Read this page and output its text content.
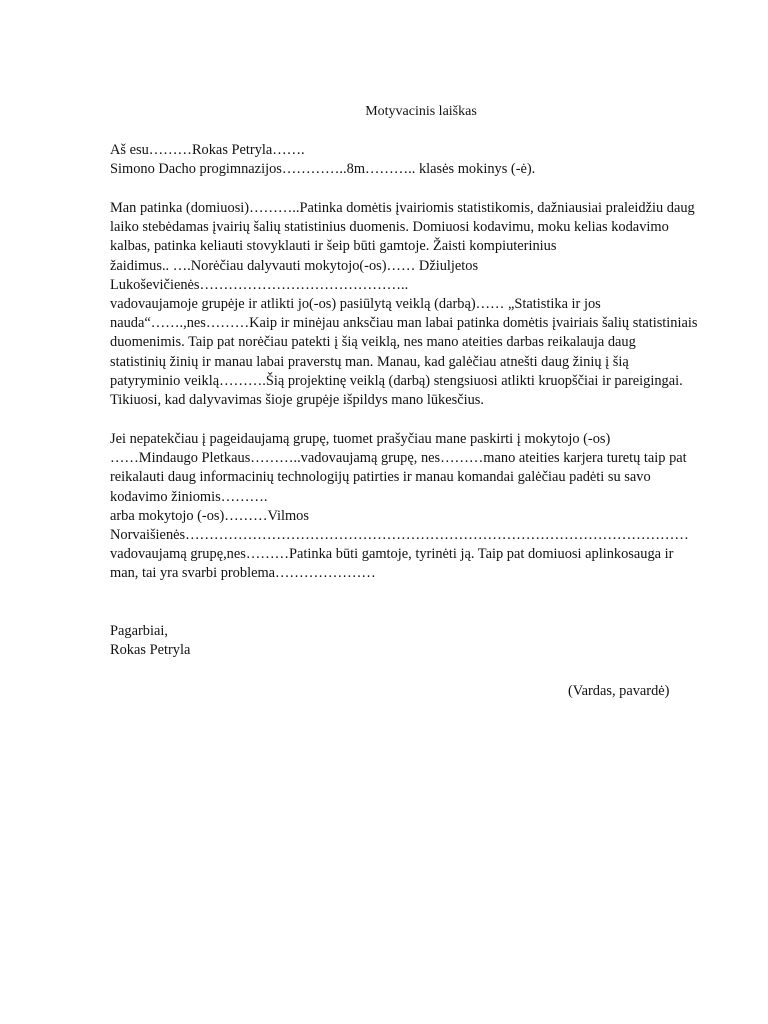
Motyvacinis laiškas
Aš esu………Rokas Petryla…….
Simono Dacho progimnazijos…………..8m……….. klasės mokinys (-ė).
Man patinka (domiuosi)………..Patinka domėtis įvairiomis statistikomis, dažniausiai praleidžiu daug
laiko stebėdamas įvairių šalių statistinius duomenis. Domiuosi kodavimu, moku kelias kodavimo
kalbas, patinka keliauti stovyklauti ir šeip būti gamtoje. Žaisti kompiuterinius
žaidimus.. ….Norėčiau dalyvauti mokytojo(-os)…… Džiuljetos
Lukoševičienės……………………………………..
vadovaujamoje grupėje ir atlikti jo(-os) pasiūlytą veiklą (darbą)…… „Statistika ir jos
nauda“…….,nes………Kaip ir minėjau anksčiau man labai patinka domėtis įvairiais šalių statistiniais
duomenimis. Taip pat norėčiau patekti į šią veiklą, nes mano ateities darbas reikalauja daug
statistinių žinių ir manau labai praverstų man. Manau, kad galėčiau atnešti daug žinių į šią
patyryminio veiklą……….Šią projektinę veiklą (darbą) stengsiuosi atlikti kruopščiai ir pareigingai.
Tikiuosi, kad dalyvavimas šioje grupėje išpildys mano lūkesčius.
Jei nepatekčiau į pageidaujamą grupę, tuomet prašyčiau mane paskirti į mokytojo (-os)
……Mindaugo Pletkaus………..vadovaujamą grupę, nes………mano ateities karjera turetų taip pat
reikalauti daug informacinių technologijų patirties ir manau komandai galėčiau padėti su savo
kodavimo žiniomis……….
arba mokytojo (-os)………Vilmos
Norvaišienės……………………………………………………………………………………………
vadovaujamą grupę,nes………Patinka būti gamtoje, tyrinėti ją. Taip pat domiuosi aplinkosauga ir
man, tai yra svarbi problema…………………
Pagarbiai,
Rokas Petryla
(Vardas, pavardė)
